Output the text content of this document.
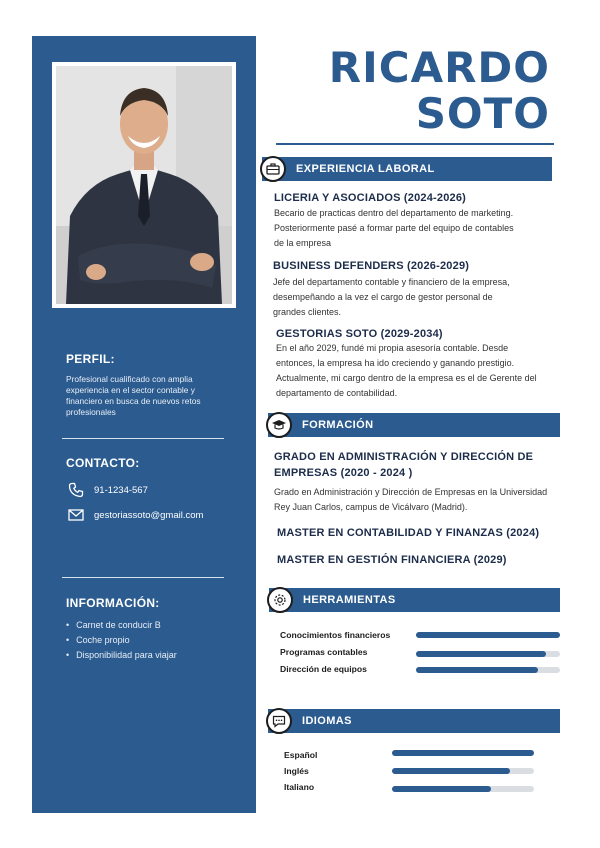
PERFIL:
Profesional cualificado con amplia experiencia en el sector contable y financiero en busca de nuevos retos profesionales
CONTACTO:
91-1234-567
gestoriassoto@gmail.com
INFORMACIÓN:
• Carnet de conducir B
• Coche propio
• Disponibilidad para viajar
RICARDO
SOTO
EXPERIENCIA LABORAL
LICERIA Y ASOCIADOS (2024-2026)
Becario de practicas dentro del departamento de marketing. Posteriormente pasé a formar parte del equipo de contables de la empresa
BUSINESS DEFENDERS (2026-2029)
Jefe del departamento contable y financiero de la empresa, desempeñando a la vez el cargo de gestor personal de grandes clientes.
GESTORIAS SOTO (2029-2034)
En el año 2029, fundé mi propia asesoría contable. Desde entonces, la empresa ha ido creciendo y ganando prestigio. Actualmente, mi cargo dentro de la empresa es el de Gerente del departamento de contabilidad.
FORMACIÓN
GRADO EN ADMINISTRACIÓN Y DIRECCIÓN DE EMPRESAS (2020 - 2024 )
Grado en Administración y Dirección de Empresas en la Universidad Rey Juan Carlos, campus de Vicálvaro (Madrid).
MASTER EN CONTABILIDAD Y FINANZAS (2024)
MASTER EN GESTIÓN FINANCIERA (2029)
HERRAMIENTAS
Conocimientos financieros
Programas contables
Dirección de equipos
IDIOMAS
Español
Inglés
Italiano
